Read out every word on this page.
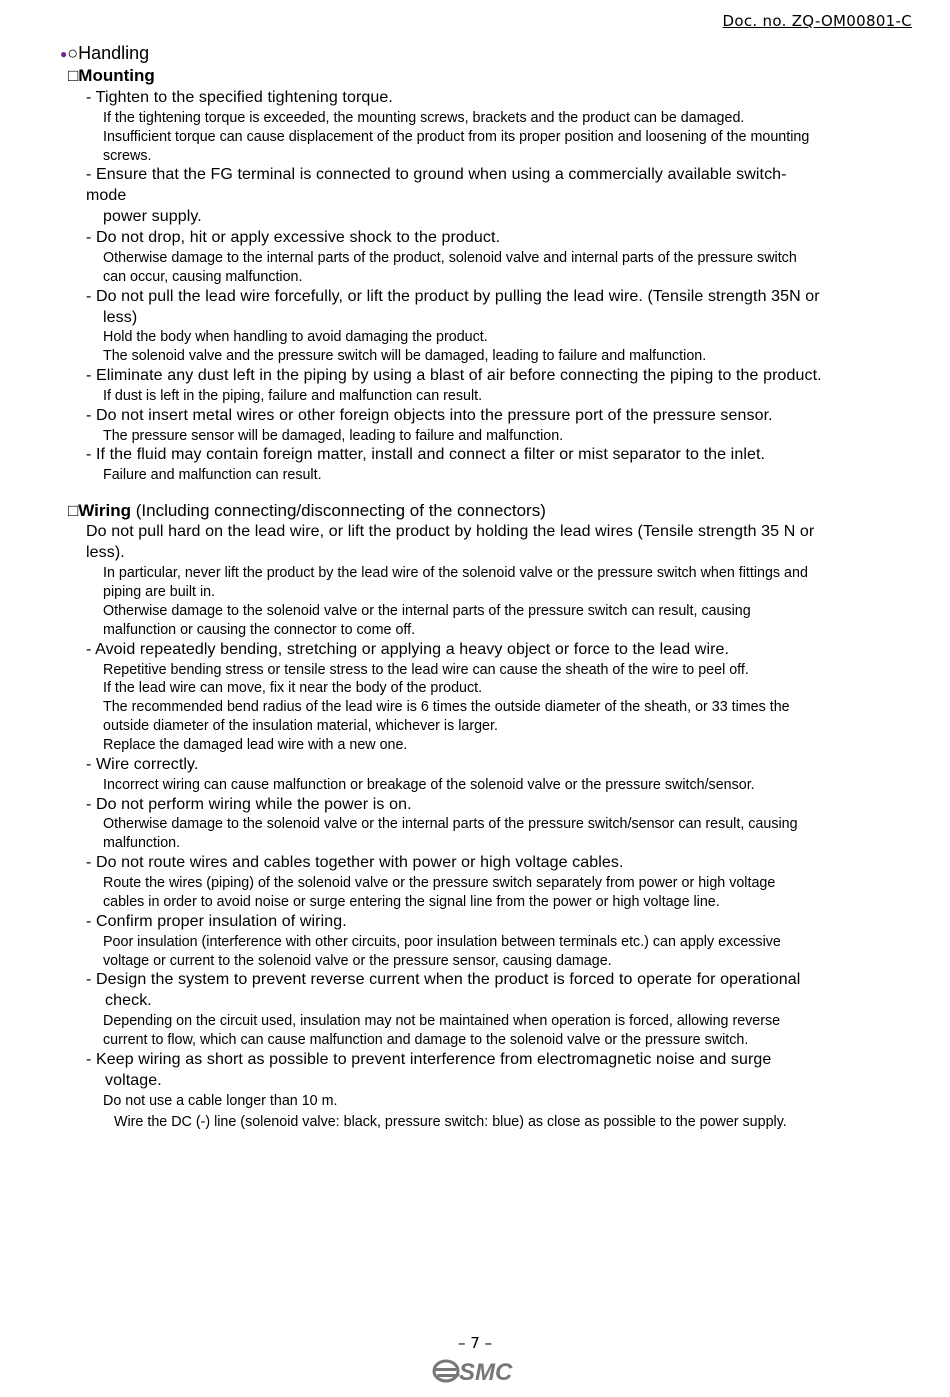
Doc. no. ZQ-OM00801-C
●○Handling
□Mounting
- Tighten to the specified tightening torque.
If the tightening torque is exceeded, the mounting screws, brackets and the product can be damaged.
Insufficient torque can cause displacement of the product from its proper position and loosening of the mounting
screws.
- Ensure that the FG terminal is connected to ground when using a commercially available switch-
mode
power supply.
- Do not drop, hit or apply excessive shock to the product.
Otherwise damage to the internal parts of the product, solenoid valve and internal parts of the pressure switch
can occur, causing malfunction.
- Do not pull the lead wire forcefully, or lift the product by pulling the lead wire. (Tensile strength 35N or
less)
Hold the body when handling to avoid damaging the product.
The solenoid valve and the pressure switch will be damaged, leading to failure and malfunction.
- Eliminate any dust left in the piping by using a blast of air before connecting the piping to the product.
If dust is left in the piping, failure and malfunction can result.
- Do not insert metal wires or other foreign objects into the pressure port of the pressure sensor.
The pressure sensor will be damaged, leading to failure and malfunction.
- If the fluid may contain foreign matter, install and connect a filter or mist separator to the inlet.
Failure and malfunction can result.
□Wiring (Including connecting/disconnecting of the connectors)
Do not pull hard on the lead wire, or lift the product by holding the lead wires (Tensile strength 35 N or
less).
In particular, never lift the product by the lead wire of the solenoid valve or the pressure switch when fittings and
piping are built in.
Otherwise damage to the solenoid valve or the internal parts of the pressure switch can result, causing
malfunction or causing the connector to come off.
- Avoid repeatedly bending, stretching or applying a heavy object or force to the lead wire.
Repetitive bending stress or tensile stress to the lead wire can cause the sheath of the wire to peel off.
If the lead wire can move, fix it near the body of the product.
The recommended bend radius of the lead wire is 6 times the outside diameter of the sheath, or 33 times the
outside diameter of the insulation material, whichever is larger.
Replace the damaged lead wire with a new one.
- Wire correctly.
Incorrect wiring can cause malfunction or breakage of the solenoid valve or the pressure switch/sensor.
- Do not perform wiring while the power is on.
Otherwise damage to the solenoid valve or the internal parts of the pressure switch/sensor can result, causing
malfunction.
- Do not route wires and cables together with power or high voltage cables.
Route the wires (piping) of the solenoid valve or the pressure switch separately from power or high voltage
cables in order to avoid noise or surge entering the signal line from the power or high voltage line.
- Confirm proper insulation of wiring.
Poor insulation (interference with other circuits, poor insulation between terminals etc.) can apply excessive
voltage or current to the solenoid valve or the pressure sensor, causing damage.
- Design the system to prevent reverse current when the product is forced to operate for operational
check.
Depending on the circuit used, insulation may not be maintained when operation is forced, allowing reverse
current to flow, which can cause malfunction and damage to the solenoid valve or the pressure switch.
- Keep wiring as short as possible to prevent interference from electromagnetic noise and surge
voltage.
Do not use a cable longer than 10 m.
Wire the DC (-) line (solenoid valve: black, pressure switch: blue) as close as possible to the power supply.
– 7 –
SMC
